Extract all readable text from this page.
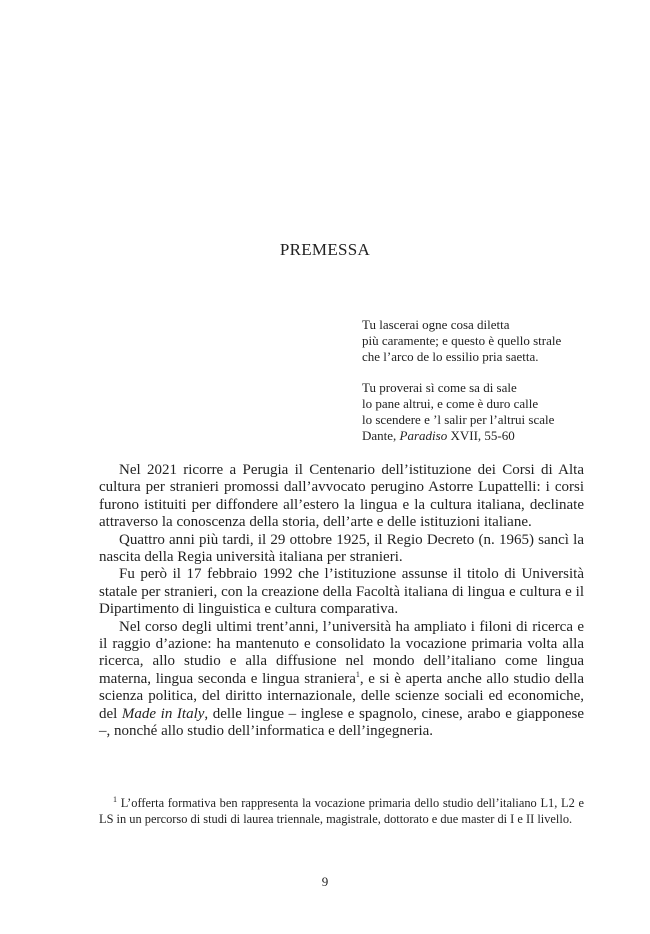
PREMESSA
Tu lascerai ogne cosa diletta
più caramente; e questo è quello strale
che l’arco de lo essilio pria saetta.
Tu proverai sì come sa di sale
lo pane altrui, e come è duro calle
lo scendere e ’l salir per l’altrui scale
Dante, Paradiso XVII, 55-60

Nel 2021 ricorre a Perugia il Centenario dell’istituzione dei Corsi di Alta cultura per stranieri promossi dall’avvocato perugino Astorre Lupattelli: i corsi furono istituiti per diffondere all’estero la lingua e la cultura italiana, declinate attraverso la conoscenza della storia, dell’arte e delle istituzioni italiane.

Quattro anni più tardi, il 29 ottobre 1925, il Regio Decreto (n. 1965) sancì la nascita della Regia università italiana per stranieri.

Fu però il 17 febbraio 1992 che l’istituzione assunse il titolo di Università statale per stranieri, con la creazione della Facoltà italiana di lingua e cultura e il Dipartimento di linguistica e cultura comparativa.

Nel corso degli ultimi trent’anni, l’università ha ampliato i filoni di ricerca e il raggio d’azione: ha mantenuto e consolidato la vocazione primaria volta alla ricerca, allo studio e alla diffusione nel mondo dell’italiano come lingua materna, lingua seconda e lingua straniera$^1$, e si è aperta anche allo studio della scienza politica, del diritto internazionale, delle scienze sociali ed economiche, del Made in Italy, delle lingue – inglese e spagnolo, cinese, arabo e giapponese –, nonché allo studio dell’informatica e dell’ingegneria.

$^1$ L’offerta formativa ben rappresenta la vocazione primaria dello studio dell’italiano L1, L2 e LS in un percorso di studi di laurea triennale, magistrale, dottorato e due master di I e II livello.
9
